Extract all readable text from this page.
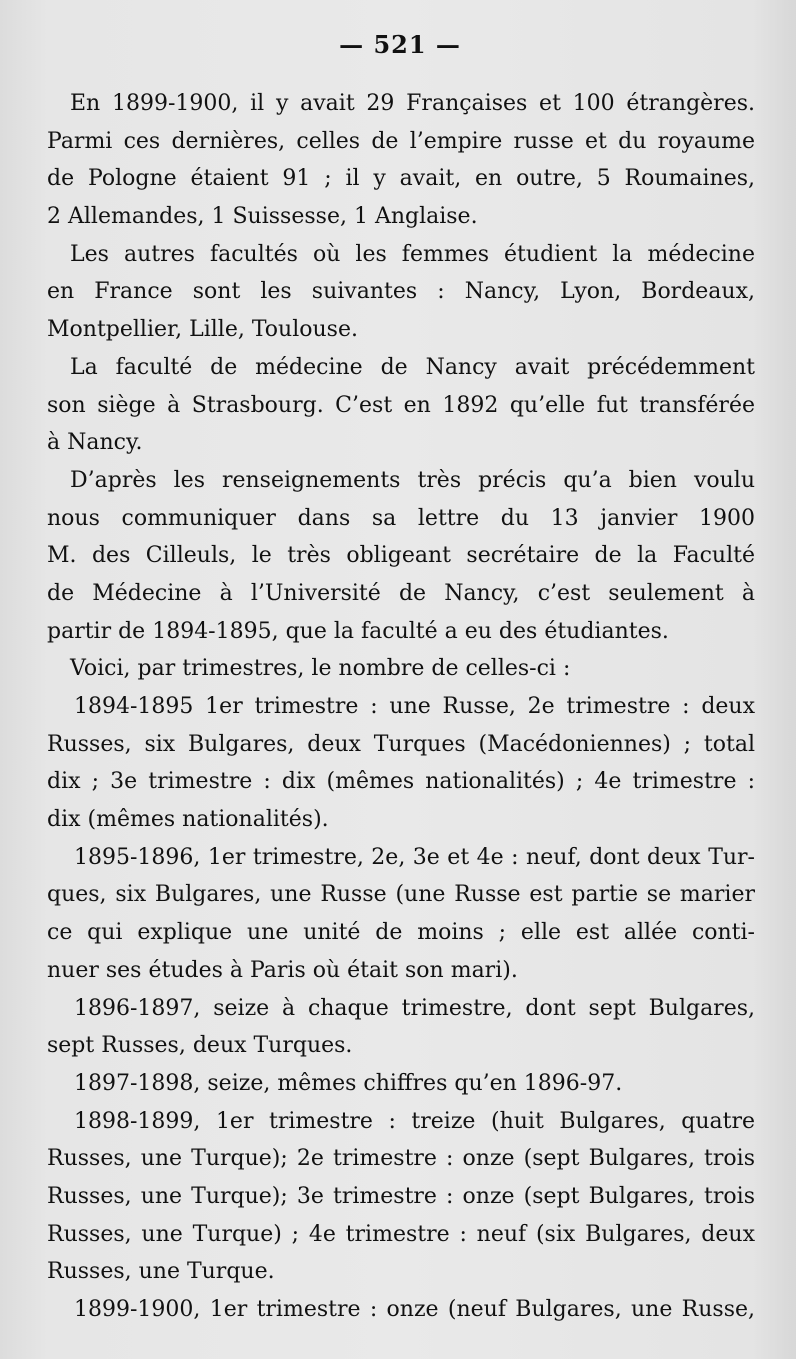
— 521 —
En 1899-1900, il y avait 29 Françaises et 100 étrangères.
Parmi ces dernières, celles de l’empire russe et du royaume
de Pologne étaient 91 ; il y avait, en outre, 5 Roumaines,
2 Allemandes, 1 Suissesse, 1 Anglaise.
Les autres facultés où les femmes étudient la médecine
en France sont les suivantes : Nancy, Lyon, Bordeaux,
Montpellier, Lille, Toulouse.
La faculté de médecine de Nancy avait précédemment
son siège à Strasbourg. C’est en 1892 qu’elle fut transférée
à Nancy.
D’après les renseignements très précis qu’a bien voulu
nous communiquer dans sa lettre du 13 janvier 1900
M. des Cilleuls, le très obligeant secrétaire de la Faculté
de Médecine à l’Université de Nancy, c’est seulement à
partir de 1894-1895, que la faculté a eu des étudiantes.
Voici, par trimestres, le nombre de celles-ci :
1894-1895 1er trimestre : une Russe, 2e trimestre : deux
Russes, six Bulgares, deux Turques (Macédoniennes) ; total
dix ; 3e trimestre : dix (mêmes nationalités) ; 4e trimestre :
dix (mêmes nationalités).
1895-1896, 1er trimestre, 2e, 3e et 4e : neuf, dont deux Tur-
ques, six Bulgares, une Russe (une Russe est partie se marier
ce qui explique une unité de moins ; elle est allée conti-
nuer ses études à Paris où était son mari).
1896-1897, seize à chaque trimestre, dont sept Bulgares,
sept Russes, deux Turques.
1897-1898, seize, mêmes chiffres qu’en 1896-97.
1898-1899, 1er trimestre : treize (huit Bulgares, quatre
Russes, une Turque); 2e trimestre : onze (sept Bulgares, trois
Russes, une Turque); 3e trimestre : onze (sept Bulgares, trois
Russes, une Turque) ; 4e trimestre : neuf (six Bulgares, deux
Russes, une Turque.
1899-1900, 1er trimestre : onze (neuf Bulgares, une Russe,
